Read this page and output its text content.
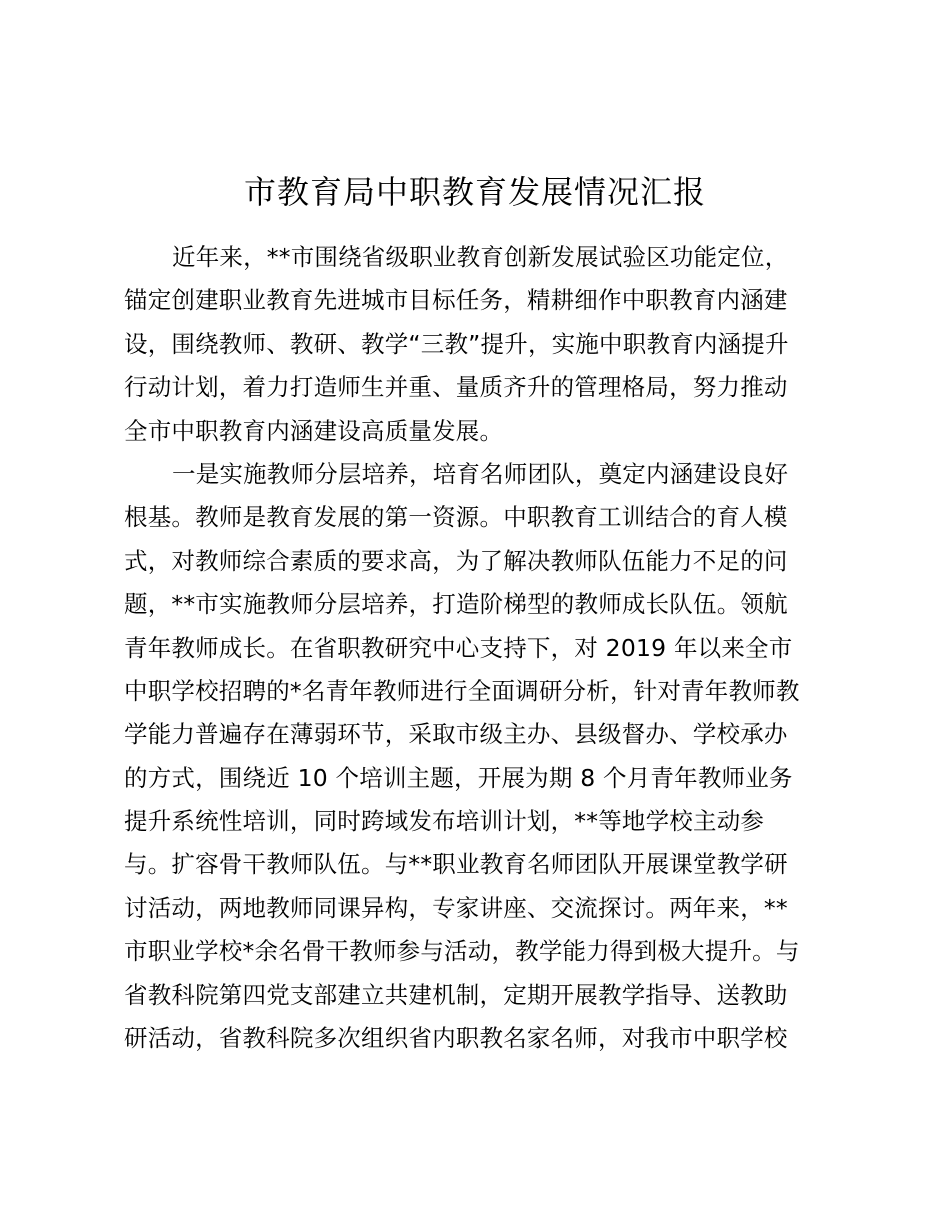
市教育局中职教育发展情况汇报
近年来，**市围绕省级职业教育创新发展试验区功能定位，
锚定创建职业教育先进城市目标任务，精耕细作中职教育内涵建
设，围绕教师、教研、教学“三教”提升，实施中职教育内涵提升
行动计划，着力打造师生并重、量质齐升的管理格局，努力推动
全市中职教育内涵建设高质量发展。
一是实施教师分层培养，培育名师团队，奠定内涵建设良好
根基。教师是教育发展的第一资源。中职教育工训结合的育人模
式，对教师综合素质的要求高，为了解决教师队伍能力不足的问
题，**市实施教师分层培养，打造阶梯型的教师成长队伍。领航
青年教师成长。在省职教研究中心支持下，对 2019 年以来全市
中职学校招聘的*名青年教师进行全面调研分析，针对青年教师教
学能力普遍存在薄弱环节，采取市级主办、县级督办、学校承办
的方式，围绕近 10 个培训主题，开展为期 8 个月青年教师业务
提升系统性培训，同时跨域发布培训计划，**等地学校主动参
与。扩容骨干教师队伍。与**职业教育名师团队开展课堂教学研
讨活动，两地教师同课异构，专家讲座、交流探讨。两年来，**
市职业学校*余名骨干教师参与活动，教学能力得到极大提升。与
省教科院第四党支部建立共建机制，定期开展教学指导、送教助
研活动，省教科院多次组织省内职教名家名师，对我市中职学校
